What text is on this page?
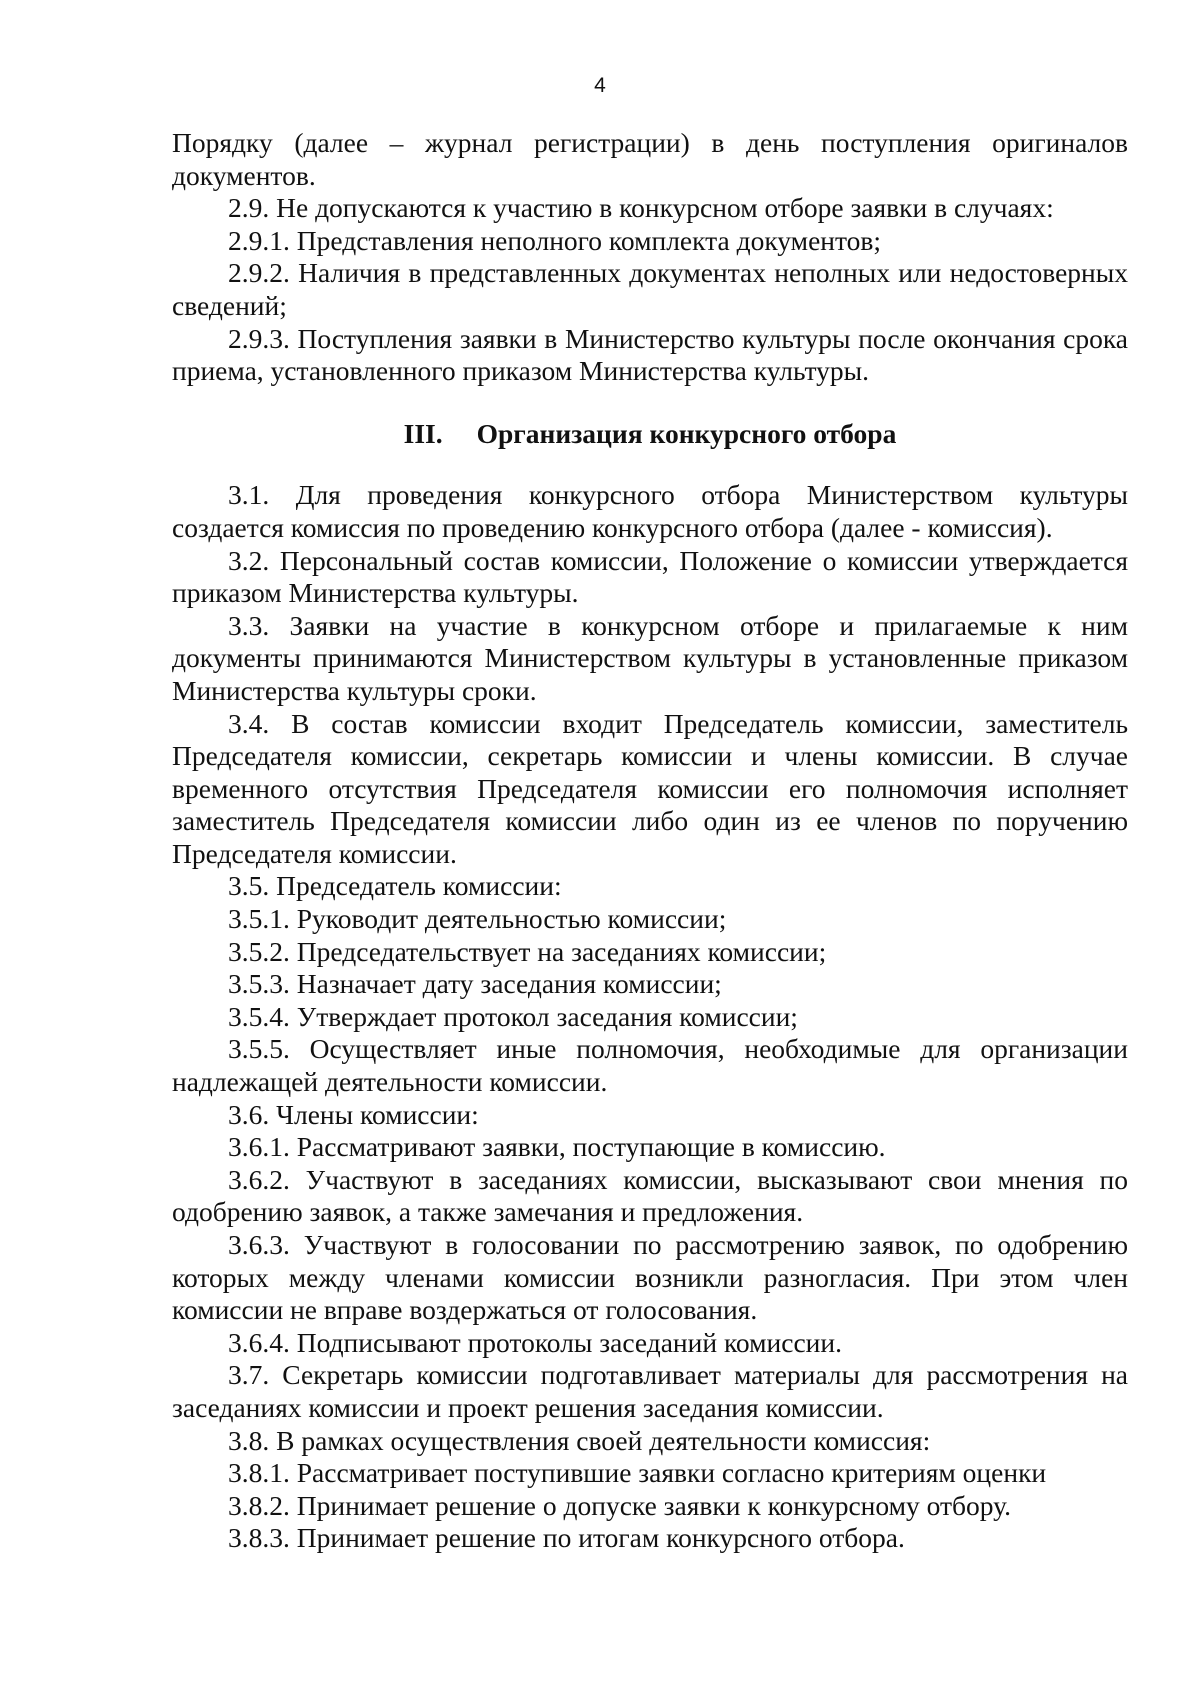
4

Порядку (далее – журнал регистрации) в день поступления оригиналов документов.

2.9. Не допускаются к участию в конкурсном отборе заявки в случаях:

2.9.1. Представления неполного комплекта документов;

2.9.2. Наличия в представленных документах неполных или недостоверных сведений;

2.9.3. Поступления заявки в Министерство культуры после окончания срока приема, установленного приказом Министерства культуры.

III. Организация конкурсного отбора

3.1. Для проведения конкурсного отбора Министерством культуры создается комиссия по проведению конкурсного отбора (далее - комиссия).

3.2. Персональный состав комиссии, Положение о комиссии утверждается приказом Министерства культуры.

3.3. Заявки на участие в конкурсном отборе и прилагаемые к ним документы принимаются Министерством культуры в установленные приказом Министерства культуры сроки.

3.4. В состав комиссии входит Председатель комиссии, заместитель Председателя комиссии, секретарь комиссии и члены комиссии. В случае временного отсутствия Председателя комиссии его полномочия исполняет заместитель Председателя комиссии либо один из ее членов по поручению Председателя комиссии.

3.5. Председатель комиссии:

3.5.1. Руководит деятельностью комиссии;

3.5.2. Председательствует на заседаниях комиссии;

3.5.3. Назначает дату заседания комиссии;

3.5.4. Утверждает протокол заседания комиссии;

3.5.5. Осуществляет иные полномочия, необходимые для организации надлежащей деятельности комиссии.

3.6. Члены комиссии:

3.6.1. Рассматривают заявки, поступающие в комиссию.

3.6.2. Участвуют в заседаниях комиссии, высказывают свои мнения по одобрению заявок, а также замечания и предложения.

3.6.3. Участвуют в голосовании по рассмотрению заявок, по одобрению которых между членами комиссии возникли разногласия. При этом член комиссии не вправе воздержаться от голосования.

3.6.4. Подписывают протоколы заседаний комиссии.

3.7. Секретарь комиссии подготавливает материалы для рассмотрения на заседаниях комиссии и проект решения заседания комиссии.

3.8. В рамках осуществления своей деятельности комиссия:

3.8.1. Рассматривает поступившие заявки согласно критериям оценки

3.8.2. Принимает решение о допуске заявки к конкурсному отбору.

3.8.3. Принимает решение по итогам конкурсного отбора.
